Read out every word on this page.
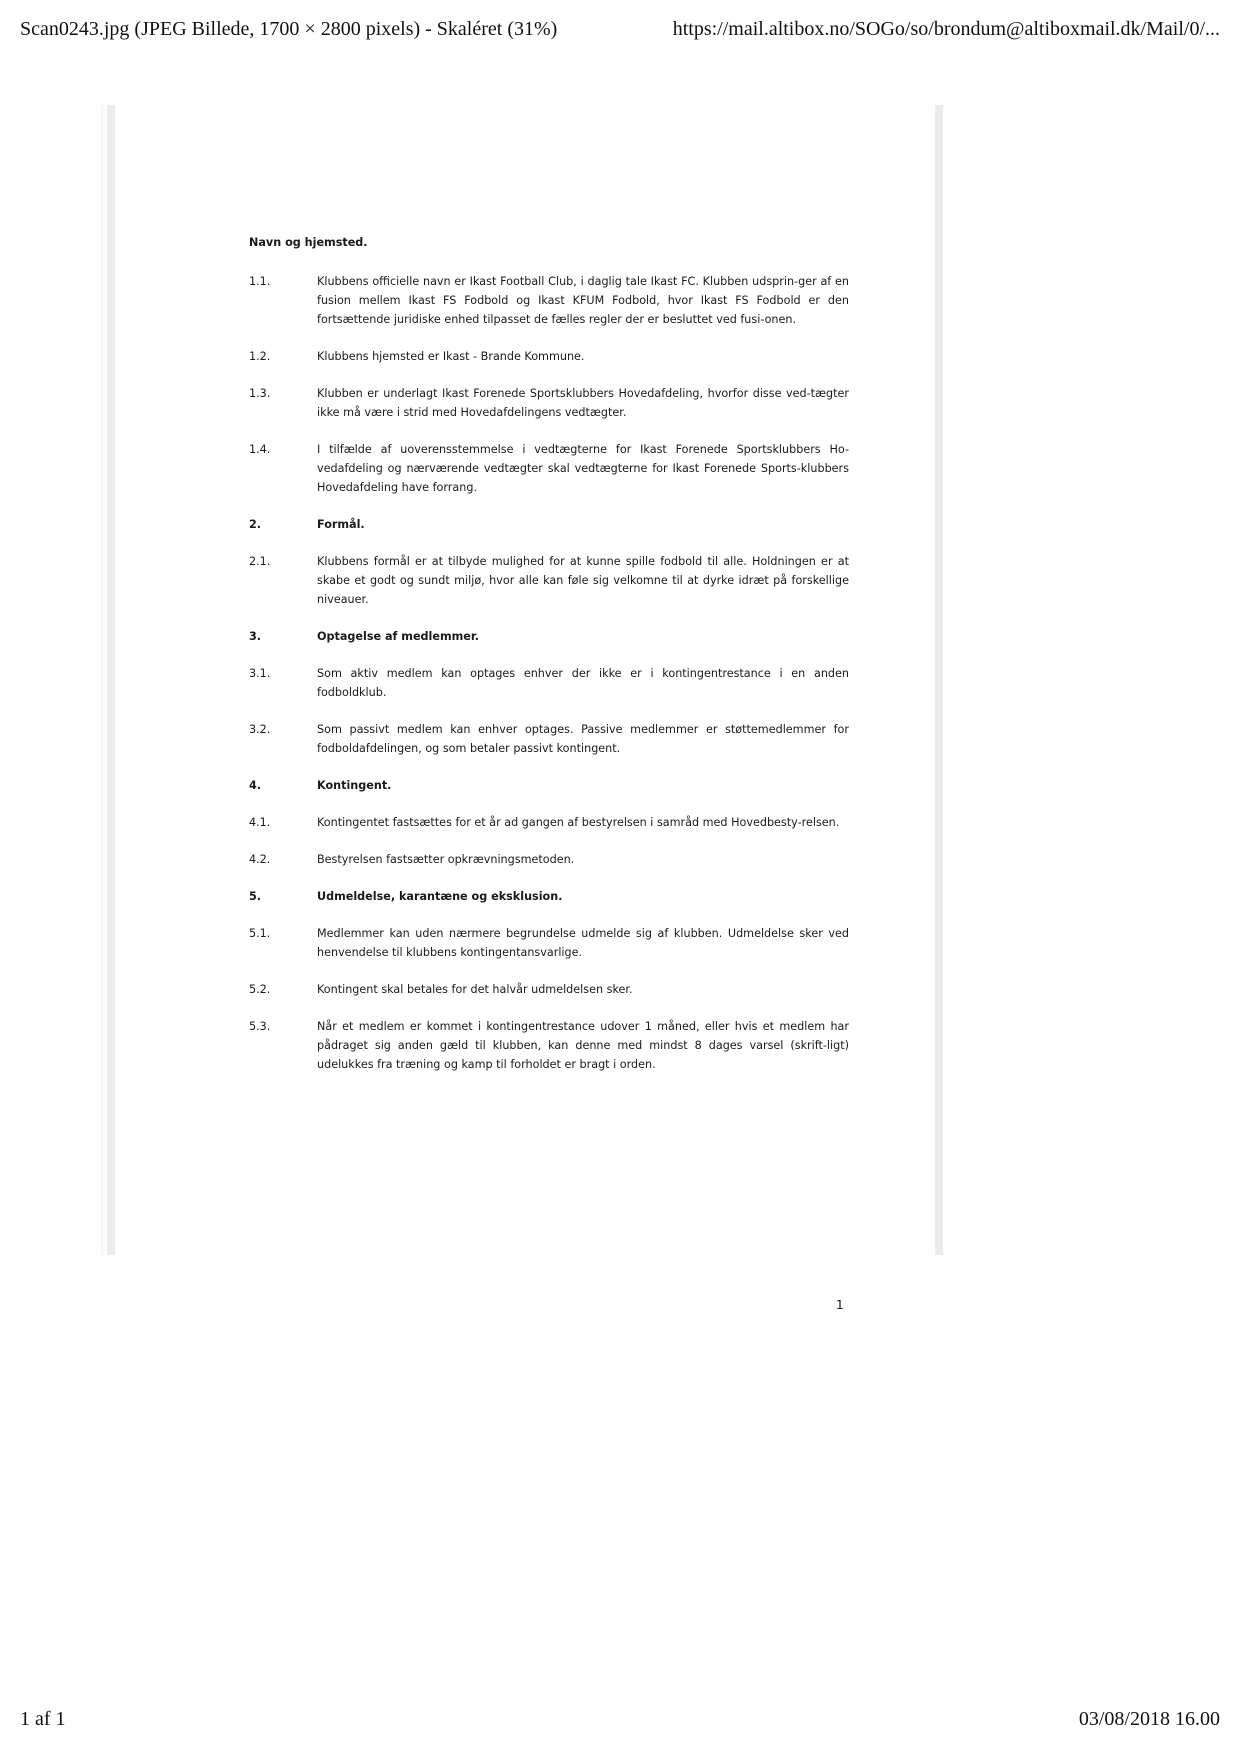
Scan0243.jpg (JPEG Billede, 1700 × 2800 pixels) - Skaléret (31%)	https://mail.altibox.no/SOGo/so/brondum@altiboxmail.dk/Mail/0/...
Navn og hjemsted.
1.1.	Klubbens officielle navn er Ikast Football Club, i daglig tale Ikast FC. Klubben udsprin-ger af en fusion mellem Ikast FS Fodbold og Ikast KFUM Fodbold, hvor Ikast FS Fodbold er den fortsættende juridiske enhed tilpasset de fælles regler der er besluttet ved fusi-onen.
1.2.	Klubbens hjemsted er Ikast - Brande Kommune.
1.3.	Klubben er underlagt Ikast Forenede Sportsklubbers Hovedafdeling, hvorfor disse ved-tægter ikke må være i strid med Hovedafdelingens vedtægter.
1.4.	I tilfælde af uoverensstemmelse i vedtægterne for Ikast Forenede Sportsklubbers Ho-vedafdeling og nærværende vedtægter skal vedtægterne for Ikast Forenede Sports-klubbers Hovedafdeling have forrang.
2.	Formål.
2.1.	Klubbens formål er at tilbyde mulighed for at kunne spille fodbold til alle. Holdningen er at skabe et godt og sundt miljø, hvor alle kan føle sig velkomne til at dyrke idræt på forskellige niveauer.
3.	Optagelse af medlemmer.
3.1.	Som aktiv medlem kan optages enhver der ikke er i kontingentrestance i en anden fodboldklub.
3.2.	Som passivt medlem kan enhver optages. Passive medlemmer er støttemedlemmer for fodboldafdelingen, og som betaler passivt kontingent.
4.	Kontingent.
4.1.	Kontingentet fastsættes for et år ad gangen af bestyrelsen i samråd med Hovedbesty-relsen.
4.2.	Bestyrelsen fastsætter opkrævningsmetoden.
5.	Udmeldelse, karantæne og eksklusion.
5.1.	Medlemmer kan uden nærmere begrundelse udmelde sig af klubben. Udmeldelse sker ved henvendelse til klubbens kontingentansvarlige.
5.2.	Kontingent skal betales for det halvår udmeldelsen sker.
5.3.	Når et medlem er kommet i kontingentrestance udover 1 måned, eller hvis et medlem har pådraget sig anden gæld til klubben, kan denne med mindst 8 dages varsel (skrift-ligt) udelukkes fra træning og kamp til forholdet er bragt i orden.
1
1 af 1	03/08/2018 16.00
